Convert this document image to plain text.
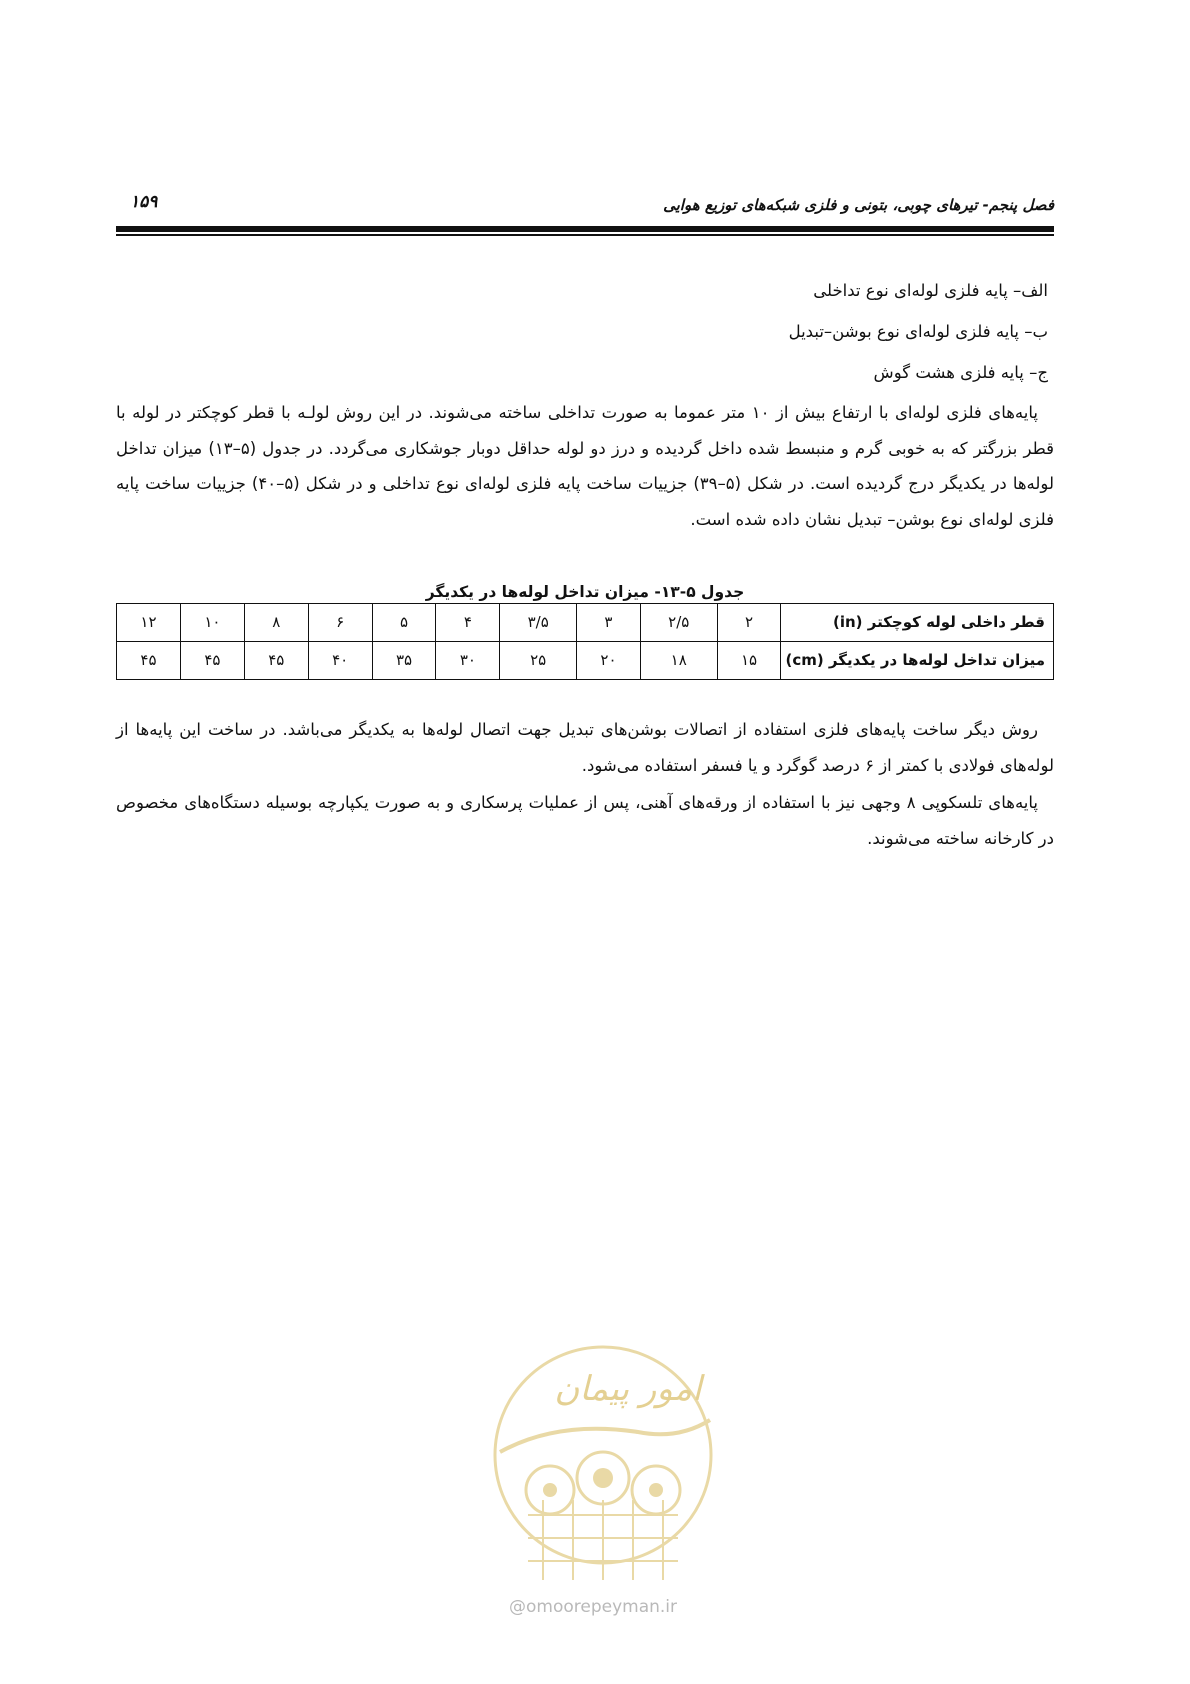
فصل پنجم- تیرهای چوبی، بتونی و فلزی شبکه‌های توزیع هوایی
۱۵۹

الف– پایه فلزی لوله‌ای نوع تداخلی

ب– پایه فلزی لوله‌ای نوع بوشن–تبدیل

ج– پایه فلزی هشت گوش

پایه‌های فلزی لوله‌ای با ارتفاع بیش از ۱۰ متر عموما به صورت تداخلی ساخته می‌شوند. در این روش لولـه با قطر کوچکتر در لوله با قطر بزرگتر که به خوبی گرم و منبسط شده داخل گردیده و درز دو لوله حداقل دوبار جوشکاری می‌گردد. در جدول (۵–۱۳) میزان تداخل لوله‌ها در یکدیگر درج گردیده است. در شکل (۵–۳۹) جزییات ساخت پایه فلزی لوله‌ای نوع تداخلی و در شکل (۵–۴۰) جزییات ساخت پایه فلزی لوله‌ای نوع بوشن– تبدیل نشان داده شده است.

جدول ۵-۱۳- میزان تداخل لوله‌ها در یکدیگر
قطر داخلی لوله کوچکتر (in)	۲	۲/۵	۳	۳/۵	۴	۵	۶	۸	۱۰	۱۲
میزان تداخل لوله‌ها در یکدیگر (cm)	۱۵	۱۸	۲۰	۲۵	۳۰	۳۵	۴۰	۴۵	۴۵	۴۵

روش دیگر ساخت پایه‌های فلزی استفاده از اتصالات بوشن‌های تبدیل جهت اتصال لوله‌ها به یکدیگر می‌باشد. در ساخت این پایه‌ها از لوله‌های فولادی با کمتر از ۶ درصد گوگرد و یا فسفر استفاده می‌شود.

پایه‌های تلسکوپی ۸ وجهی نیز با استفاده از ورقه‌های آهنی، پس از عملیات پرسکاری و به صورت یکپارچه بوسیله دستگاه‌های مخصوص در کارخانه ساخته می‌شوند.

امور پیمان
@omoorepeyman.ir
